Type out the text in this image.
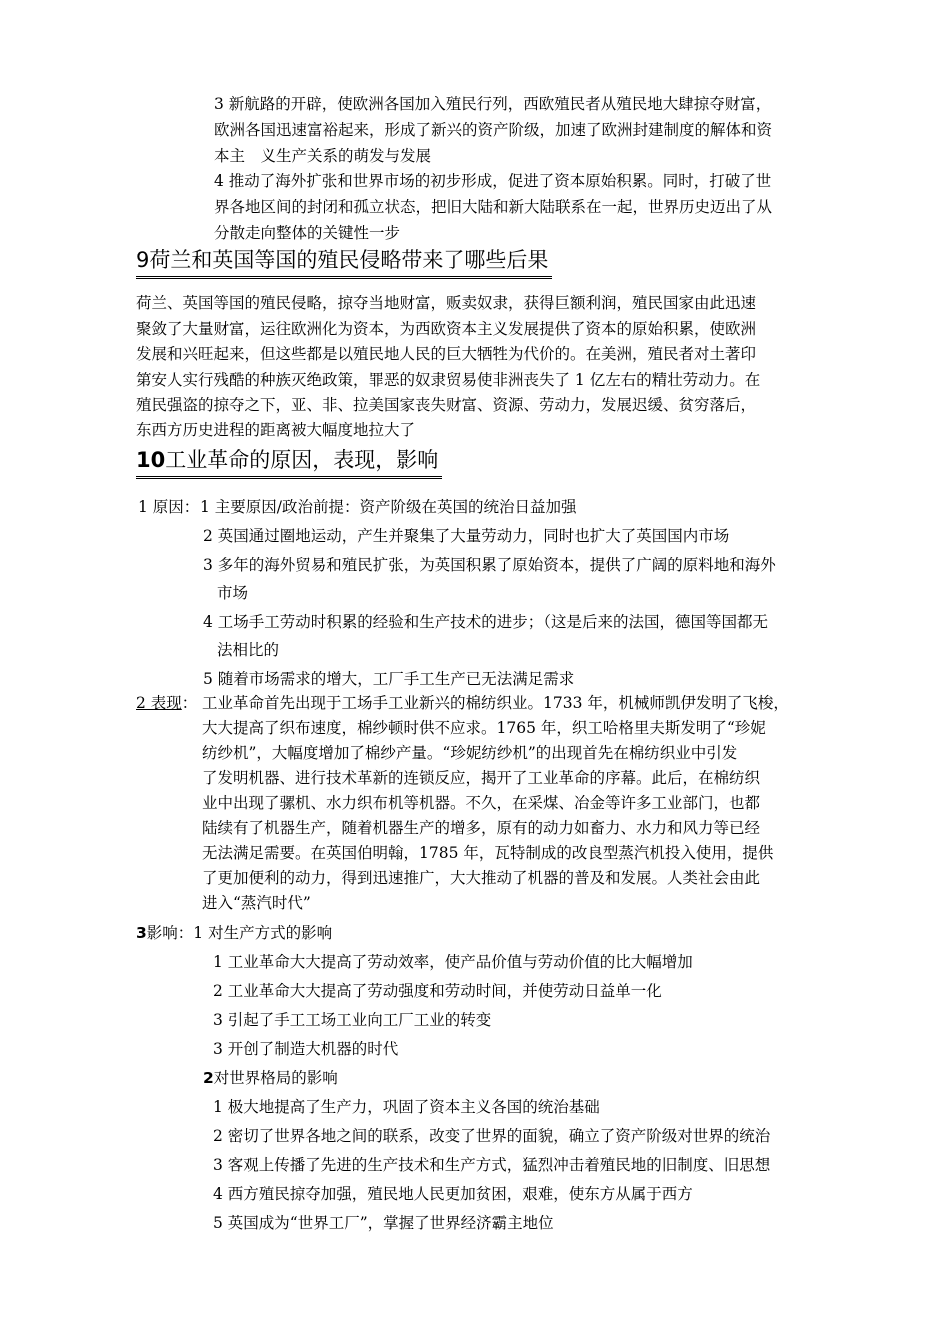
3 新航路的开辟，使欧洲各国加入殖民行列，西欧殖民者从殖民地大肆掠夺财富，
欧洲各国迅速富裕起来，形成了新兴的资产阶级，加速了欧洲封建制度的解体和资
本主　义生产关系的萌发与发展
4 推动了海外扩张和世界市场的初步形成，促进了资本原始积累。同时，打破了世
界各地区间的封闭和孤立状态，把旧大陆和新大陆联系在一起，世界历史迈出了从
分散走向整体的关键性一步
9荷兰和英国等国的殖民侵略带来了哪些后果
荷兰、英国等国的殖民侵略，掠夺当地财富，贩卖奴隶，获得巨额利润，殖民国家由此迅速
聚敛了大量财富，运往欧洲化为资本，为西欧资本主义发展提供了资本的原始积累，使欧洲
发展和兴旺起来，但这些都是以殖民地人民的巨大牺牲为代价的。在美洲，殖民者对土著印
第安人实行残酷的种族灭绝政策，罪恶的奴隶贸易使非洲丧失了 1 亿左右的精壮劳动力。在
殖民强盗的掠夺之下，亚、非、拉美国家丧失财富、资源、劳动力，发展迟缓、贫穷落后，
东西方历史进程的距离被大幅度地拉大了
10工业革命的原因，表现，影响
1 原因： 1 主要原因/政治前提：资产阶级在英国的统治日益加强
2 英国通过圈地运动，产生并聚集了大量劳动力，同时也扩大了英国国内市场
3 多年的海外贸易和殖民扩张，为英国积累了原始资本，提供了广阔的原料地和海外
市场
4 工场手工劳动时积累的经验和生产技术的进步；（这是后来的法国，德国等国都无
法相比的
5 随着市场需求的增大，工厂手工生产已无法满足需求
2 表现： 工业革命首先出现于工场手工业新兴的棉纺织业。1733 年，机械师凯伊发明了飞梭，
大大提高了织布速度，棉纱顿时供不应求。1765 年，织工哈格里夫斯发明了“珍妮
纺纱机”，大幅度增加了棉纱产量。“珍妮纺纱机”的出现首先在棉纺织业中引发
了发明机器、进行技术革新的连锁反应，揭开了工业革命的序幕。此后，在棉纺织
业中出现了骡机、水力织布机等机器。不久，在采煤、冶金等许多工业部门，也都
陆续有了机器生产，随着机器生产的增多，原有的动力如畜力、水力和风力等已经
无法满足需要。在英国伯明翰，1785 年，瓦特制成的改良型蒸汽机投入使用，提供
了更加便利的动力，得到迅速推广，大大推动了机器的普及和发展。人类社会由此
进入“蒸汽时代”
3影响：1 对生产方式的影响
1 工业革命大大提高了劳动效率，使产品价值与劳动价值的比大幅增加
2 工业革命大大提高了劳动强度和劳动时间，并使劳动日益单一化
3 引起了手工工场工业向工厂工业的转变
3 开创了制造大机器的时代
2对世界格局的影响
1 极大地提高了生产力，巩固了资本主义各国的统治基础
2 密切了世界各地之间的联系，改变了世界的面貌，确立了资产阶级对世界的统治
3 客观上传播了先进的生产技术和生产方式，猛烈冲击着殖民地的旧制度、旧思想
4 西方殖民掠夺加强，殖民地人民更加贫困，艰难，使东方从属于西方
5 英国成为“世界工厂”，掌握了世界经济霸主地位
